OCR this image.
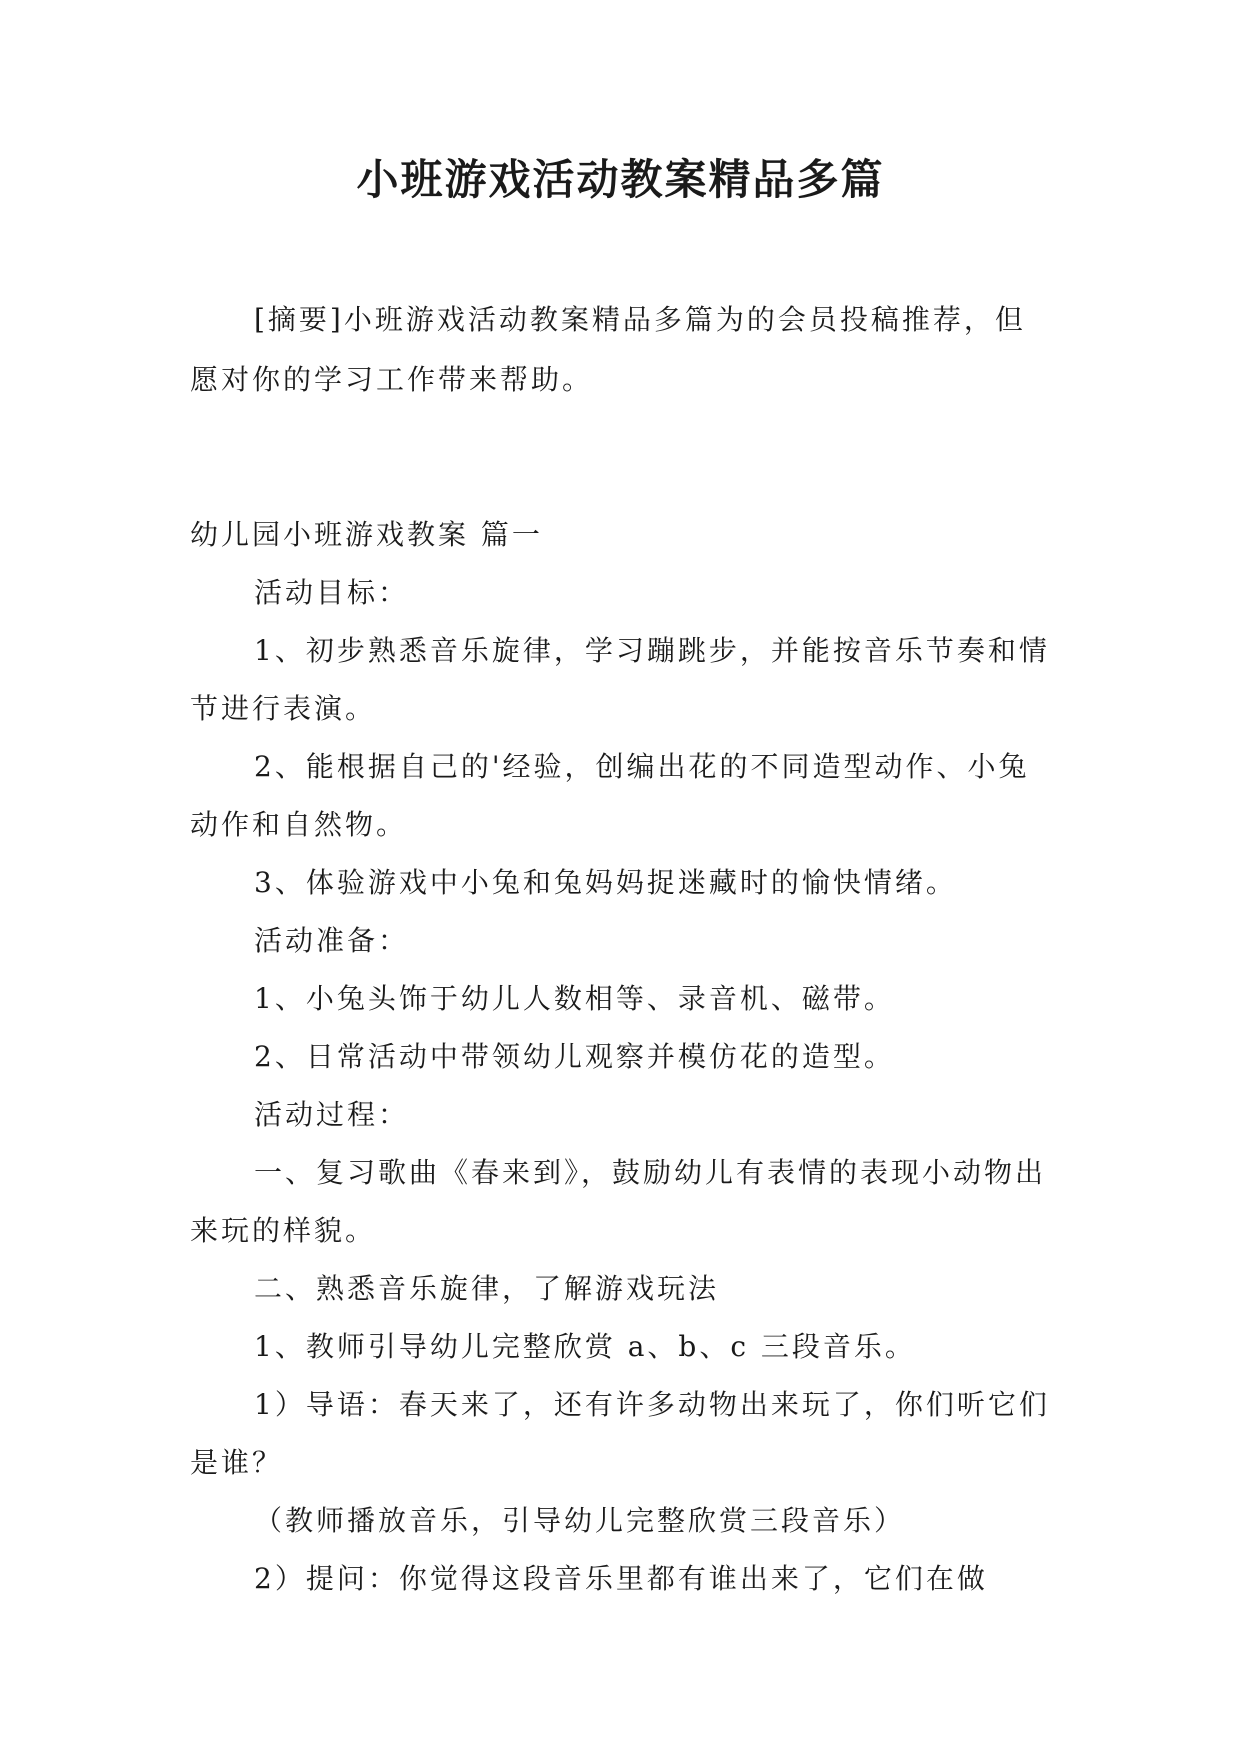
小班游戏活动教案精品多篇

[摘要]小班游戏活动教案精品多篇为的会员投稿推荐，但愿对你的学习工作带来帮助。

幼儿园小班游戏教案 篇一

活动目标：

1、初步熟悉音乐旋律，学习蹦跳步，并能按音乐节奏和情节进行表演。

2、能根据自己的'经验，创编出花的不同造型动作、小兔动作和自然物。

3、体验游戏中小兔和兔妈妈捉迷藏时的愉快情绪。

活动准备：

1、小兔头饰于幼儿人数相等、录音机、磁带。

2、日常活动中带领幼儿观察并模仿花的造型。

活动过程：

一、复习歌曲《春来到》，鼓励幼儿有表情的表现小动物出来玩的样貌。

二、熟悉音乐旋律，了解游戏玩法

1、教师引导幼儿完整欣赏 a、b、c 三段音乐。

1）导语：春天来了，还有许多动物出来玩了，你们听它们是谁？

（教师播放音乐，引导幼儿完整欣赏三段音乐）

2）提问：你觉得这段音乐里都有谁出来了，它们在做
